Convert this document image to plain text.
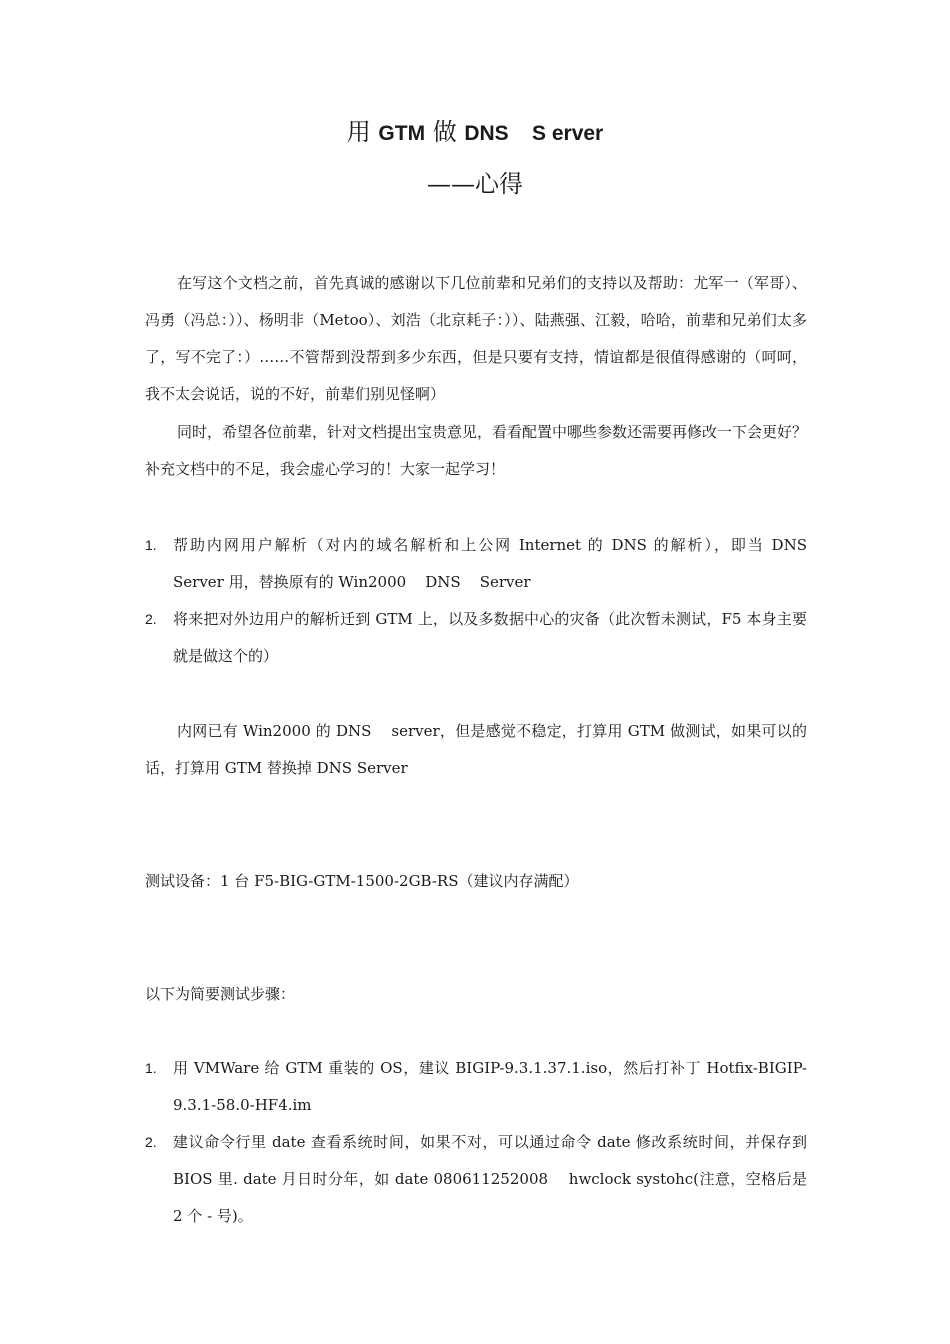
用 GTM 做 DNS    S erver
——心得

在写这个文档之前，首先真诚的感谢以下几位前辈和兄弟们的支持以及帮助：尤军一（军哥）、冯勇（冯总：））、杨明非（Metoo）、刘浩（北京耗子：））、陆燕强、江毅，哈哈，前辈和兄弟们太多了，写不完了：）……不管帮到没帮到多少东西，但是只要有支持，情谊都是很值得感谢的（呵呵，我不太会说话，说的不好，前辈们别见怪啊）

同时，希望各位前辈，针对文档提出宝贵意见，看看配置中哪些参数还需要再修改一下会更好？补充文档中的不足，我会虚心学习的！大家一起学习！

1. 帮助内网用户解析（对内的域名解析和上公网 Internet 的 DNS 的解析），即当 DNS    Server 用，替换原有的 Win2000    DNS    Server
2. 将来把对外边用户的解析迁到 GTM 上，以及多数据中心的灾备（此次暂未测试，F5 本身主要就是做这个的）

内网已有 Win2000 的 DNS    server，但是感觉不稳定，打算用 GTM 做测试，如果可以的话，打算用 GTM 替换掉 DNS Server

测试设备：1 台 F5-BIG-GTM-1500-2GB-RS（建议内存满配）

以下为简要测试步骤：

1. 用 VMWare 给 GTM 重装的 OS，建议 BIGIP-9.3.1.37.1.iso，然后打补丁 Hotfix-BIGIP-9.3.1-58.0-HF4.im
2. 建议命令行里 date 查看系统时间，如果不对，可以通过命令 date 修改系统时间，并保存到 BIOS 里. date 月日时分年，如 date 080611252008    hwclock systohc(注意，空格后是 2 个 - 号)。
